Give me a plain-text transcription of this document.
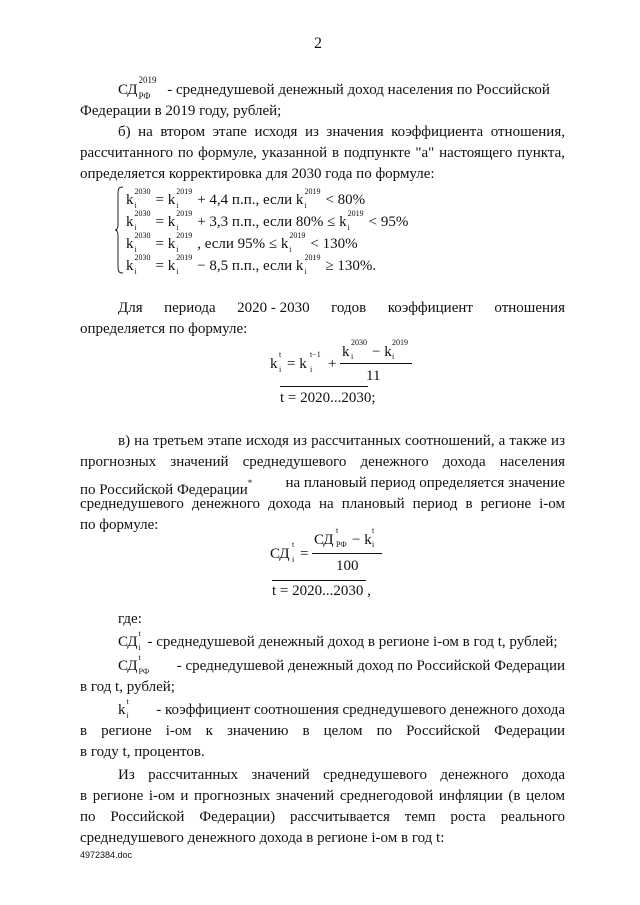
2
СД
2019
РФ - среднедушевой денежный доход населения по Российской
Федерации в 2019 году, рублей;
б) на втором этапе исходя из значения коэффициента отношения,
рассчитанного по формуле, указанной в подпункте "а" настоящего пункта,
определяется корректировка для 2030 года по формуле:
k
2030
i = k
2019
i + 4,4 п.п., если k
2019
i < 80%
k
2030
i = k
2019
i + 3,3 п.п., если 80% ≤ k
2019
i < 95%
k
2030
i = k
2019
i , если 95% ≤ k
2019
i < 130%
k
2030
i = k
2019
i − 8,5 п.п., если k
2019
i ≥ 130%.
Для периода 2020 - 2030 годов коэффициент отношения
определяется по формуле:
k
t
i = k
t−1
i +
k
2030
i − k
2019
i
11
t = 2020...2030;
в) на третьем этапе исходя из рассчитанных соотношений, а также из
прогнозных значений среднедушевого денежного дохода населения
по Российской Федерации* на плановый период определяется значение
среднедушевого денежного дохода на плановый период в регионе i-ом
по формуле:
СД
t
i =
СД
t
РФ − k
t
i
100
t = 2020...2030 ,
где:
СД
t
i - среднедушевой денежный доход в регионе i-ом в год t, рублей;
СД
t
РФ - среднедушевой денежный доход по Российской Федерации
в год t, рублей;
k
t
i - коэффициент соотношения среднедушевого денежного дохода
в регионе i-ом к значению в целом по Российской Федерации
в году t, процентов.
Из рассчитанных значений среднедушевого денежного дохода
в регионе i-ом и прогнозных значений среднегодовой инфляции (в целом
по Российской Федерации) рассчитывается темп роста реального
среднедушевого денежного дохода в регионе i-ом в год t:
4972384.doc
